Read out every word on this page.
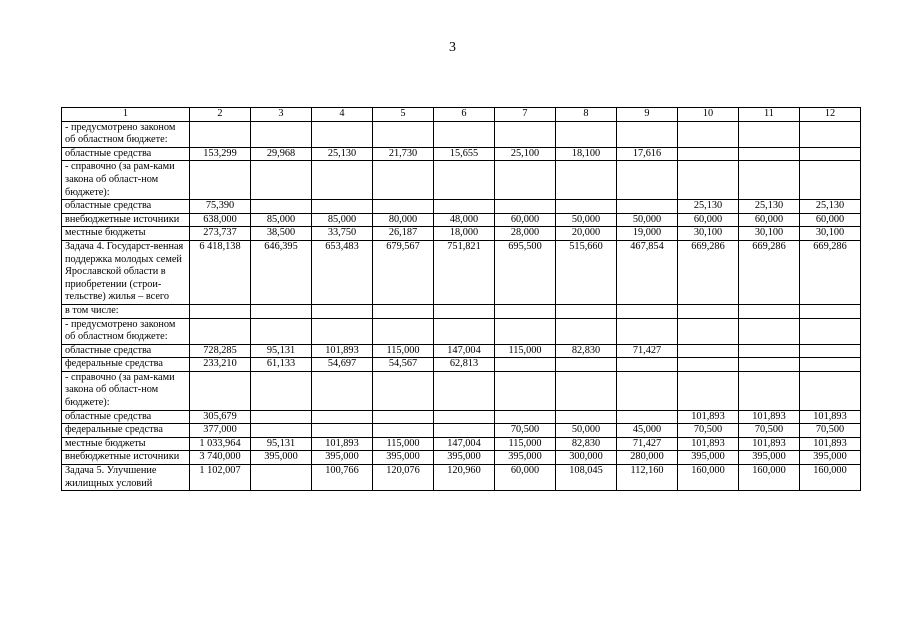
3
1	2	3	4	5	6	7	8	9	10	11	12
- предусмотрено законом об областном бюджете:											
областные средства	153,299	29,968	25,130	21,730	15,655	25,100	18,100	17,616			
- справочно (за рам-ками закона об област-ном бюджете):											
областные средства	75,390								25,130	25,130	25,130
внебюджетные источники	638,000	85,000	85,000	80,000	48,000	60,000	50,000	50,000	60,000	60,000	60,000
местные бюджеты	273,737	38,500	33,750	26,187	18,000	28,000	20,000	19,000	30,100	30,100	30,100
Задача 4. Государст-венная поддержка молодых семей Ярославской области в приобретении (строи-тельстве) жилья – всего	6 418,138	646,395	653,483	679,567	751,821	695,500	515,660	467,854	669,286	669,286	669,286
в том числе:											
- предусмотрено законом об областном бюджете:											
областные средства	728,285	95,131	101,893	115,000	147,004	115,000	82,830	71,427			
федеральные средства	233,210	61,133	54,697	54,567	62,813						
- справочно (за рам-ками закона об област-ном бюджете):											
областные средства	305,679								101,893	101,893	101,893
федеральные средства	377,000					70,500	50,000	45,000	70,500	70,500	70,500
местные бюджеты	1 033,964	95,131	101,893	115,000	147,004	115,000	82,830	71,427	101,893	101,893	101,893
внебюджетные источники	3 740,000	395,000	395,000	395,000	395,000	395,000	300,000	280,000	395,000	395,000	395,000
Задача 5. Улучшение жилищных условий	1 102,007		100,766	120,076	120,960	60,000	108,045	112,160	160,000	160,000	160,000
